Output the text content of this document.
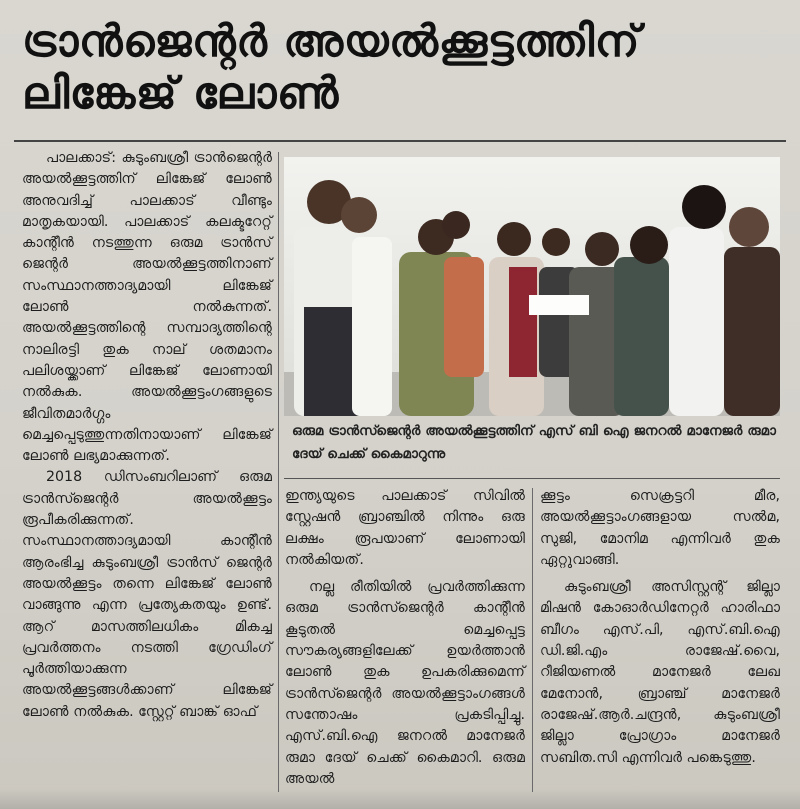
ട്രാൻജെന്റർ അയൽക്കൂട്ടത്തിന്
ലിങ്കേജ് ലോൺ

പാലക്കാട്: കുടുംബശ്രീ ട്രാൻജെന്റർ അയൽക്കൂട്ടത്തിന് ലിങ്കേജ് ലോൺ അനുവദിച്ച് പാലക്കാട് വീണ്ടും മാതൃകയായി. പാലക്കാട് കലക്ടറേറ്റ് കാന്റീൻ നടത്തുന്ന ഒരുമ ട്രാൻസ് ജെന്റർ അയൽക്കൂട്ടത്തിനാണ് സംസ്ഥാനത്താദ്യമായി ലിങ്കേജ് ലോൺ നൽകുന്നത്. അയൽക്കൂട്ടത്തിന്റെ സമ്പാദ്യത്തിന്റെ നാലിരട്ടി തുക നാല് ശതമാനം പലിശയ്ക്കാണ് ലിങ്കേജ് ലോണായി നൽകുക. അയൽക്കൂട്ടംഗങ്ങളുടെ ജീവിതമാർഗ്ഗം മെച്ചപ്പെടുത്തുന്നതിനായാണ് ലിങ്കേജ് ലോൺ ലഭ്യമാക്കുന്നത്.

2018 ഡിസംബറിലാണ് ഒരുമ ട്രാൻസ്ജെന്റർ അയൽക്കൂട്ടം രൂപീകരിക്കുന്നത്. സംസ്ഥാനത്താദ്യമായി കാന്റീൻ ആരംഭിച്ച കുടുംബശ്രീ ട്രാൻസ് ജെന്റർ അയൽക്കൂട്ടം തന്നെ ലിങ്കേജ് ലോൺ വാങ്ങുന്നു എന്ന പ്രത്യേകതയും ഉണ്ട്. ആറ് മാസത്തിലധികം മികച്ച പ്രവർത്തനം നടത്തി ഗ്രേഡിംഗ് പൂർത്തിയാക്കുന്ന അയൽക്കൂട്ടങ്ങൾക്കാണ് ലിങ്കേജ് ലോൺ നൽകുക. സ്റ്റേറ്റ് ബാങ്ക് ഓഫ്

ഒരുമ ട്രാൻസ്ജെന്റർ അയൽക്കൂട്ടത്തിന് എസ് ബി ഐ ജനറൽ മാനേജർ രുമാ ദേയ് ചെക്ക് കൈമാറുന്നു

ഇന്ത്യയുടെ പാലക്കാട് സിവിൽ സ്റ്റേഷൻ ബ്രാഞ്ചിൽ നിന്നും ഒരു ലക്ഷം രൂപയാണ് ലോണായി നൽകിയത്.

നല്ല രീതിയിൽ പ്രവർത്തിക്കുന്ന ഒരുമ ട്രാൻസ്ജെന്റർ കാന്റീൻ കൂടുതൽ മെച്ചപ്പെട്ട സൗകര്യങ്ങളിലേക്ക് ഉയർത്താൻ ലോൺ തുക ഉപകരിക്കുമെന്ന് ട്രാൻസ്ജെന്റർ അയൽക്കൂട്ടാംഗങ്ങൾ സന്തോഷം പ്രകടിപ്പിച്ചു. എസ്.ബി.ഐ ജനറൽ മാനേജർ രുമാ ദേയ് ചെക്ക് കൈമാറി. ഒരുമ അയൽ

ക്കൂട്ടം സെക്രട്ടറി മീര, അയൽക്കൂട്ടാംഗങ്ങളായ സൽമ, സുജി, മോനിമ എന്നിവർ തുക ഏറ്റുവാങ്ങി.

കുടുംബശ്രീ അസിസ്റ്റന്റ് ജില്ലാ മിഷൻ കോഓർഡിനേറ്റർ ഹാരിഫാ ബീഗം എസ്.പി, എസ്.ബി.ഐ ഡി.ജി.എം രാജേഷ്.വൈ, റീജിയണൽ മാനേജർ ലേഖ മേനോൻ, ബ്രാഞ്ച് മാനേജർ രാജേഷ്.ആർ.ചന്ദ്രൻ, കുടുംബശ്രീ ജില്ലാ പ്രോഗ്രാം മാനേജർ സബിത.സി എന്നിവർ പങ്കെടുത്തു.
